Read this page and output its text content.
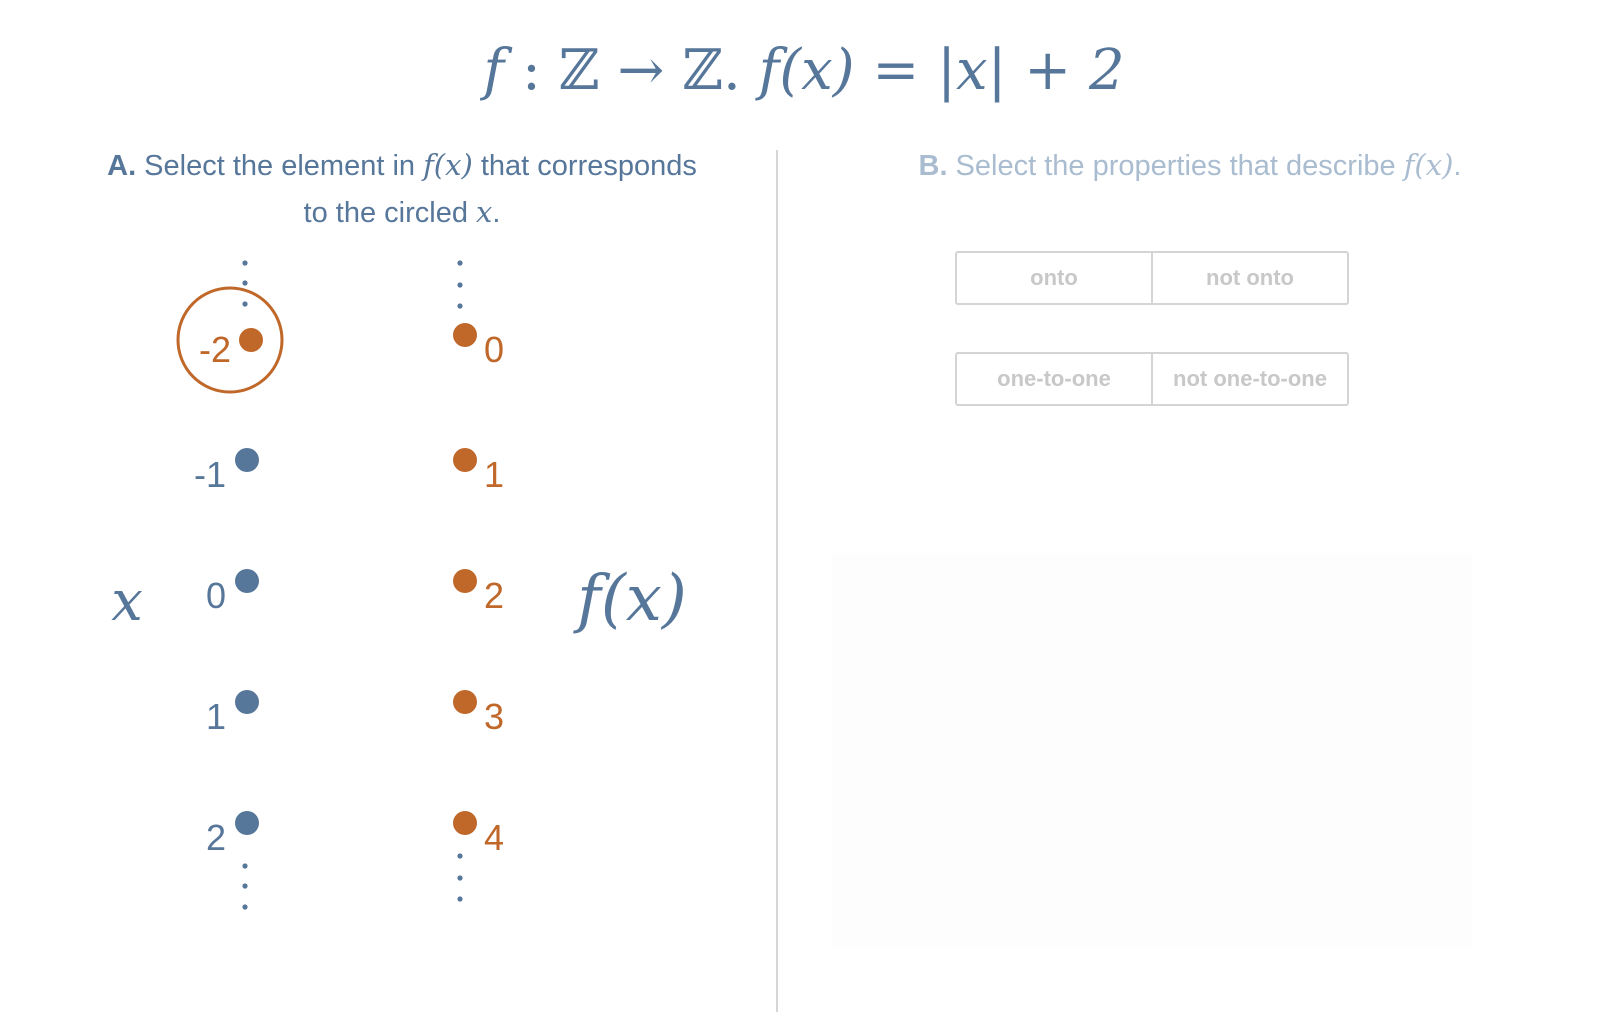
f : ℤ → ℤ. f(x) = |x| + 2
A. Select the element in f(x) that corresponds
to the circled x.
B. Select the properties that describe f(x).
onto	not onto
one-to-one	not one-to-one
-2
-1
0
1
2
0
1
2
3
4
x	f(x)
